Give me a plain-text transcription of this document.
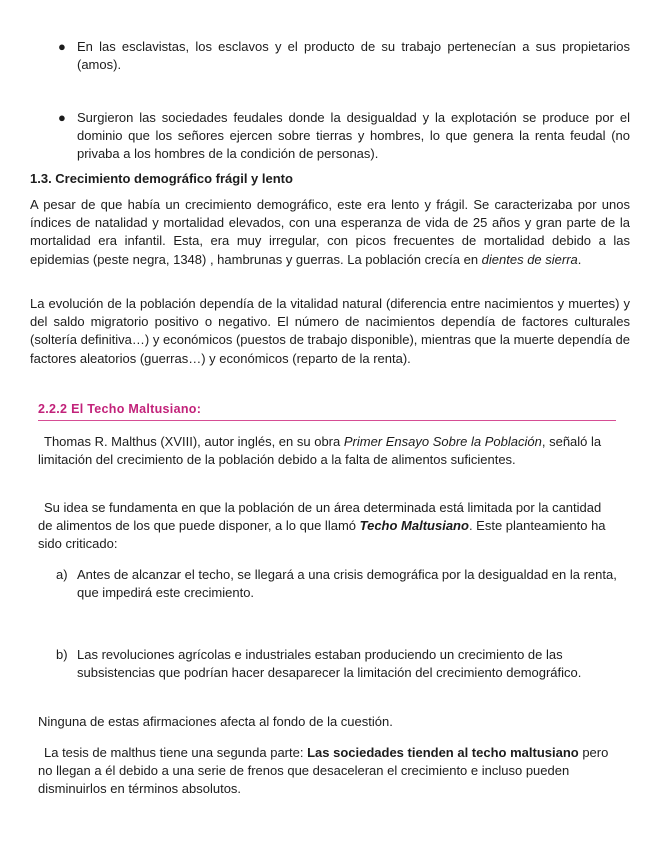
● En las esclavistas, los esclavos y el producto de su trabajo pertenecían a sus propietarios (amos).
● Surgieron las sociedades feudales donde la desigualdad y la explotación se produce por el dominio que los señores ejercen sobre tierras y hombres, lo que genera la renta feudal (no privaba a los hombres de la condición de personas).
1.3. Crecimiento demográfico frágil y lento

A pesar de que había un crecimiento demográfico, este era lento y frágil. Se caracterizaba por unos índices de natalidad y mortalidad elevados, con una esperanza de vida de 25 años y gran parte de la mortalidad era infantil. Esta, era muy irregular, con picos frecuentes de mortalidad debido a las epidemias (peste negra, 1348) , hambrunas y guerras. La población crecía en dientes de sierra.

La evolución de la población dependía de la vitalidad natural (diferencia entre nacimientos y muertes) y del saldo migratorio positivo o negativo. El número de nacimientos dependía de factores culturales (soltería definitiva…) y económicos (puestos de trabajo disponible), mientras que la muerte dependía de factores aleatorios (guerras…) y económicos (reparto de la renta).

2.2.2 El Techo Maltusiano:

Thomas R. Malthus (XVIII), autor inglés, en su obra Primer Ensayo Sobre la Población, señaló la limitación del crecimiento de la población debido a la falta de alimentos suficientes.

Su idea se fundamenta en que la población de un área determinada está limitada por la cantidad de alimentos de los que puede disponer, a lo que llamó Techo Maltusiano. Este planteamiento ha sido criticado:

a) Antes de alcanzar el techo, se llegará a una crisis demográfica por la desigualdad en la renta, que impedirá este crecimiento.
b) Las revoluciones agrícolas e industriales estaban produciendo un crecimiento de las subsistencias que podrían hacer desaparecer la limitación del crecimiento demográfico.

Ninguna de estas afirmaciones afecta al fondo de la cuestión.

La tesis de malthus tiene una segunda parte: Las sociedades tienden al techo maltusiano pero no llegan a él debido a una serie de frenos que desaceleran el crecimiento e incluso pueden disminuirlos en términos absolutos.
